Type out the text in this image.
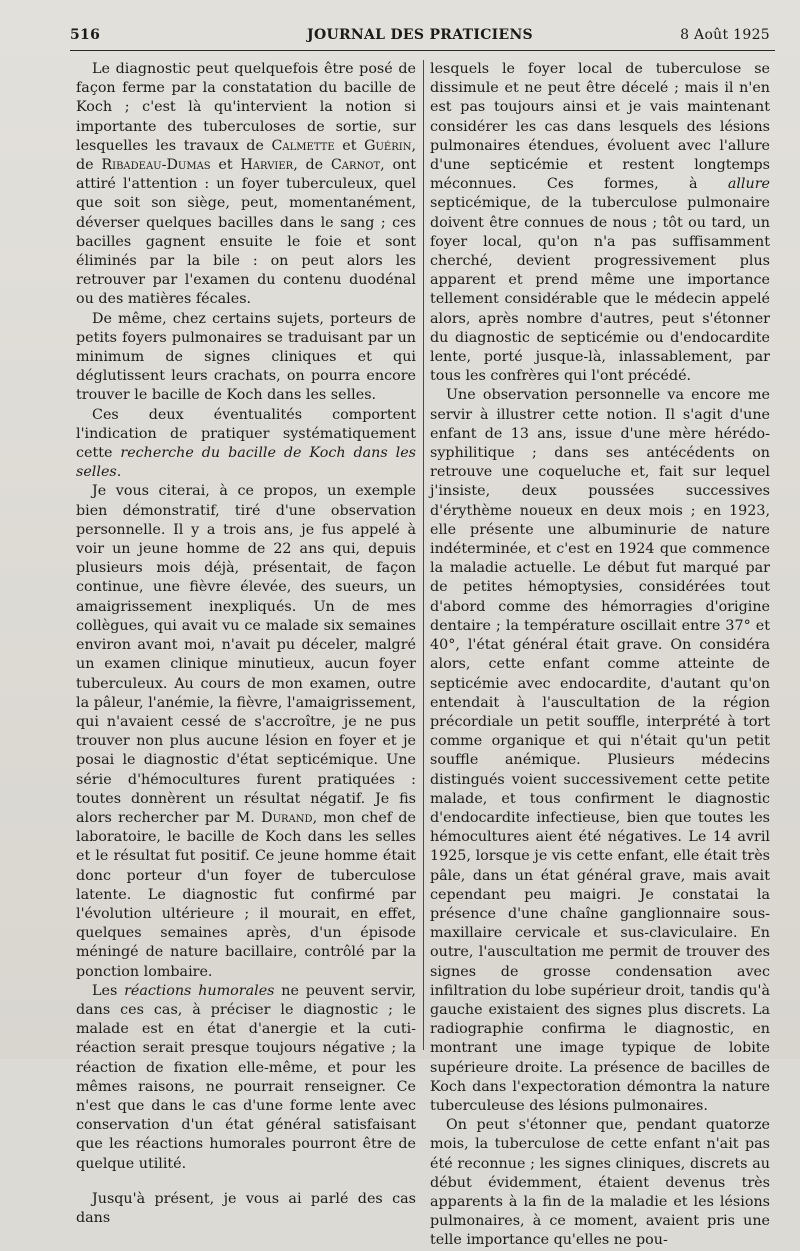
516	JOURNAL DES PRATICIENS	8 Août 1925

Le diagnostic peut quelquefois être posé de façon ferme par la constatation du bacille de Koch ; c'est là qu'intervient la notion si importante des tuberculoses de sortie, sur lesquelles les travaux de Calmette et Guérin, de Ribadeau-Dumas et Harvier, de Carnot, ont attiré l'attention : un foyer tuberculeux, quel que soit son siège, peut, momentanément, déverser quelques bacilles dans le sang ; ces bacilles gagnent ensuite le foie et sont éliminés par la bile : on peut alors les retrouver par l'examen du contenu duodénal ou des matières fécales.

De même, chez certains sujets, porteurs de petits foyers pulmonaires se traduisant par un minimum de signes cliniques et qui déglutissent leurs crachats, on pourra encore trouver le bacille de Koch dans les selles.

Ces deux éventualités comportent l'indication de pratiquer systématiquement cette recherche du bacille de Koch dans les selles.

Je vous citerai, à ce propos, un exemple bien démonstratif, tiré d'une observation personnelle. Il y a trois ans, je fus appelé à voir un jeune homme de 22 ans qui, depuis plusieurs mois déjà, présentait, de façon continue, une fièvre élevée, des sueurs, un amaigrissement inexpliqués. Un de mes collègues, qui avait vu ce malade six semaines environ avant moi, n'avait pu déceler, malgré un examen clinique minutieux, aucun foyer tuberculeux. Au cours de mon examen, outre la pâleur, l'anémie, la fièvre, l'amaigrissement, qui n'avaient cessé de s'accroître, je ne pus trouver non plus aucune lésion en foyer et je posai le diagnostic d'état septicémique. Une série d'hémocultures furent pratiquées : toutes donnèrent un résultat négatif. Je fis alors rechercher par M. Durand, mon chef de laboratoire, le bacille de Koch dans les selles et le résultat fut positif. Ce jeune homme était donc porteur d'un foyer de tuberculose latente. Le diagnostic fut confirmé par l'évolution ultérieure ; il mourait, en effet, quelques semaines après, d'un épisode méningé de nature bacillaire, contrôlé par la ponction lombaire.

Les réactions humorales ne peuvent servir, dans ces cas, à préciser le diagnostic ; le malade est en état d'anergie et la cuti-réaction serait presque toujours négative ; la réaction de fixation elle-même, et pour les mêmes raisons, ne pourrait renseigner. Ce n'est que dans le cas d'une forme lente avec conservation d'un état général satisfaisant que les réactions humorales pourront être de quelque utilité.

Jusqu'à présent, je vous ai parlé des cas dans

lesquels le foyer local de tuberculose se dissimule et ne peut être décelé ; mais il n'en est pas toujours ainsi et je vais maintenant considérer les cas dans lesquels des lésions pulmonaires étendues, évoluent avec l'allure d'une septicémie et restent longtemps méconnues. Ces formes, à allure septicémique, de la tuberculose pulmonaire doivent être connues de nous ; tôt ou tard, un foyer local, qu'on n'a pas suffisamment cherché, devient progressivement plus apparent et prend même une importance tellement considérable que le médecin appelé alors, après nombre d'autres, peut s'étonner du diagnostic de septicémie ou d'endocardite lente, porté jusque-là, inlassablement, par tous les confrères qui l'ont précédé.

Une observation personnelle va encore me servir à illustrer cette notion. Il s'agit d'une enfant de 13 ans, issue d'une mère hérédo-syphilitique ; dans ses antécédents on retrouve une coqueluche et, fait sur lequel j'insiste, deux poussées successives d'érythème noueux en deux mois ; en 1923, elle présente une albuminurie de nature indéterminée, et c'est en 1924 que commence la maladie actuelle. Le début fut marqué par de petites hémoptysies, considérées tout d'abord comme des hémorragies d'origine dentaire ; la température oscillait entre 37° et 40°, l'état général était grave. On considéra alors, cette enfant comme atteinte de septicémie avec endocardite, d'autant qu'on entendait à l'auscultation de la région précordiale un petit souffle, interprété à tort comme organique et qui n'était qu'un petit souffle anémique. Plusieurs médecins distingués voient successivement cette petite malade, et tous confirment le diagnostic d'endocardite infectieuse, bien que toutes les hémocultures aient été négatives. Le 14 avril 1925, lorsque je vis cette enfant, elle était très pâle, dans un état général grave, mais avait cependant peu maigri. Je constatai la présence d'une chaîne ganglionnaire sous-maxillaire cervicale et sus-claviculaire. En outre, l'auscultation me permit de trouver des signes de grosse condensation avec infiltration du lobe supérieur droit, tandis qu'à gauche existaient des signes plus discrets. La radiographie confirma le diagnostic, en montrant une image typique de lobite supérieure droite. La présence de bacilles de Koch dans l'expectoration démontra la nature tuberculeuse des lésions pulmonaires.

On peut s'étonner que, pendant quatorze mois, la tuberculose de cette enfant n'ait pas été reconnue ; les signes cliniques, discrets au début évidemment, étaient devenus très apparents à la fin de la maladie et les lésions pulmonaires, à ce moment, avaient pris une telle importance qu'elles ne pou-
